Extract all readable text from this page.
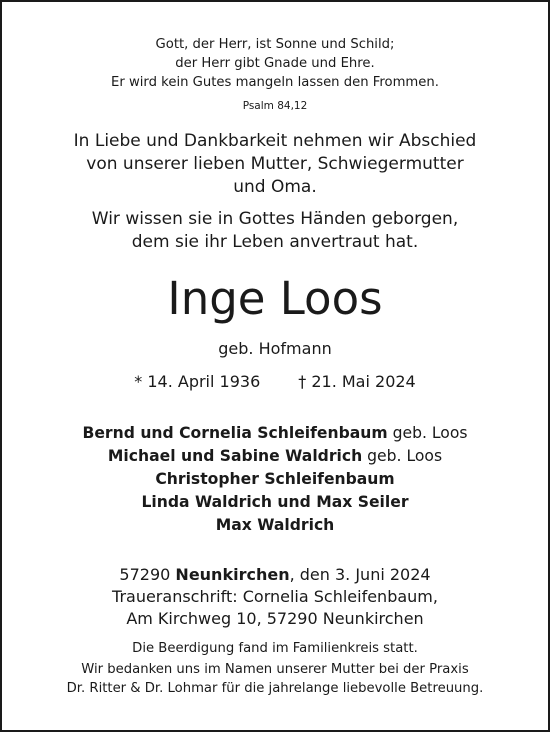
Gott, der Herr, ist Sonne und Schild;

der Herr gibt Gnade und Ehre.

Er wird kein Gutes mangeln lassen den Frommen.

Psalm 84,12

In Liebe und Dankbarkeit nehmen wir Abschied

von unserer lieben Mutter, Schwiegermutter

und Oma.

Wir wissen sie in Gottes Händen geborgen,

dem sie ihr Leben anvertraut hat.

Inge Loos

geb. Hofmann

* 14. April 1936 † 21. Mai 2024

Bernd und Cornelia Schleifenbaum geb. Loos

Michael und Sabine Waldrich geb. Loos

Christopher Schleifenbaum

Linda Waldrich und Max Seiler

Max Waldrich

57290 Neunkirchen, den 3. Juni 2024

Traueranschrift: Cornelia Schleifenbaum,

Am Kirchweg 10, 57290 Neunkirchen

Die Beerdigung fand im Familienkreis statt.

Wir bedanken uns im Namen unserer Mutter bei der Praxis

Dr. Ritter & Dr. Lohmar für die jahrelange liebevolle Betreuung.
